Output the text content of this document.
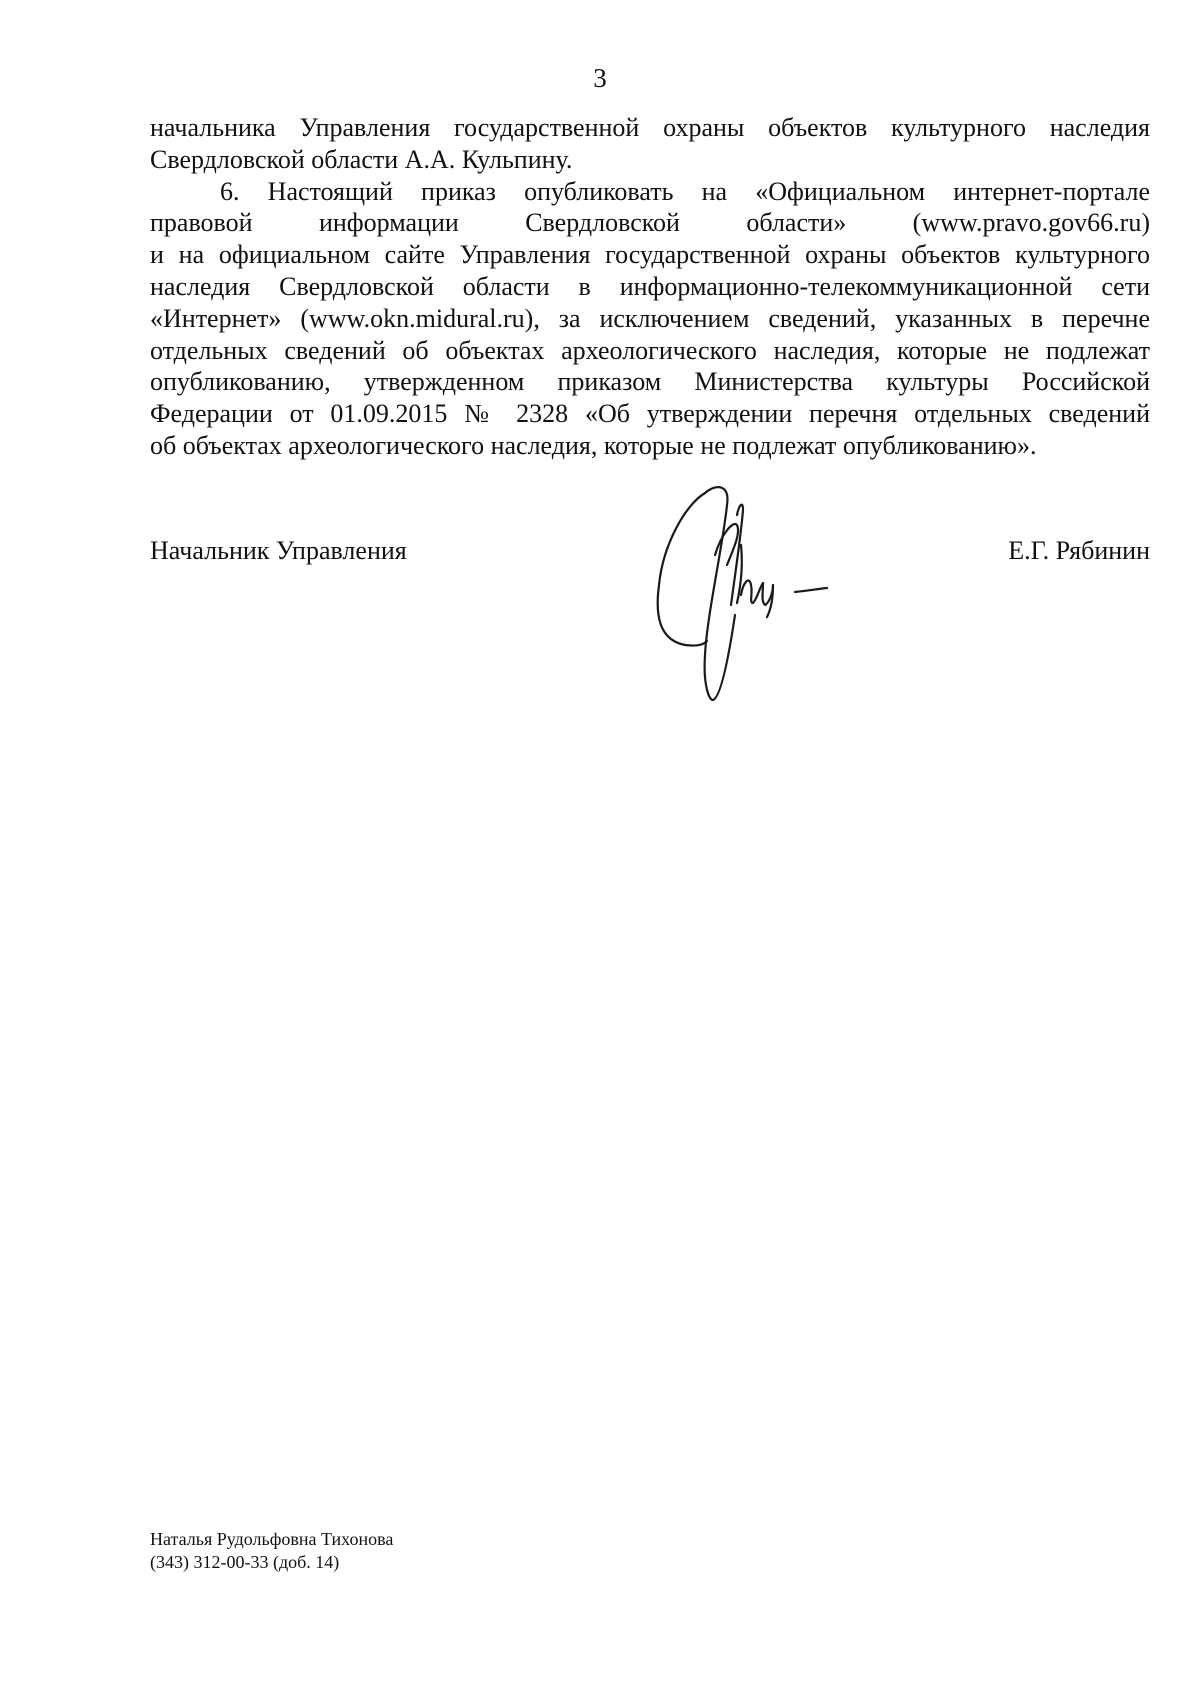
3
начальника Управления государственной охраны объектов культурного наследия
Свердловской области А.А. Кульпину.
6. Настоящий приказ опубликовать на «Официальном интернет-портале
правовой информации Свердловской области» (www.pravo.gov66.ru)
и на официальном сайте Управления государственной охраны объектов культурного
наследия Свердловской области в информационно-телекоммуникационной сети
«Интернет» (www.okn.midural.ru), за исключением сведений, указанных в перечне
отдельных сведений об объектах археологического наследия, которые не подлежат
опубликованию, утвержденном приказом Министерства культуры Российской
Федерации от 01.09.2015 № 2328 «Об утверждении перечня отдельных сведений
об объектах археологического наследия, которые не подлежат опубликованию».
Начальник Управления	Е.Г. Рябинин
Наталья Рудольфовна Тихонова
(343) 312-00-33 (доб. 14)
